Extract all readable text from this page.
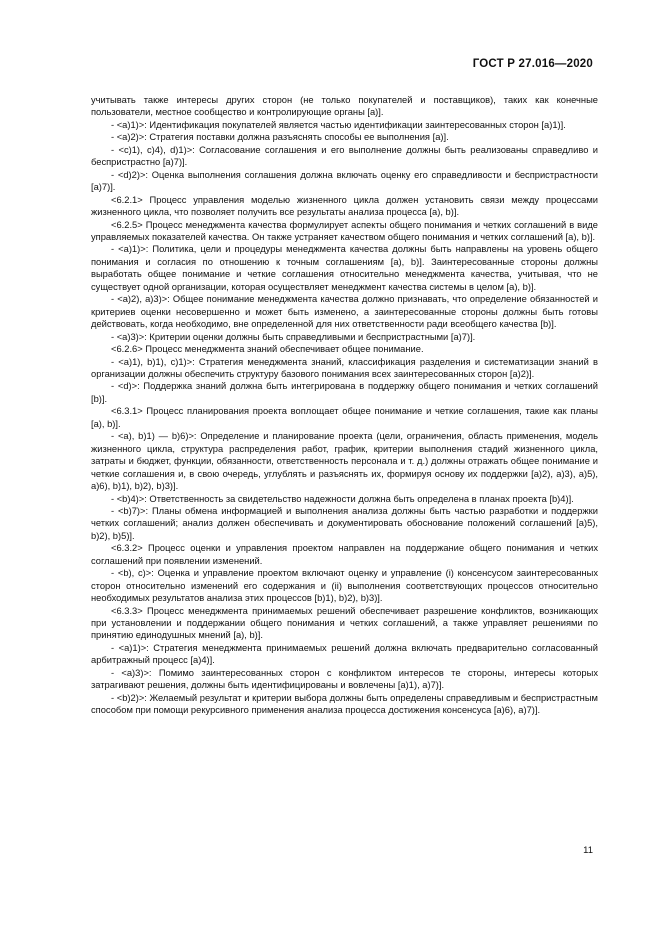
ГОСТ Р 27.016—2020

учитывать также интересы других сторон (не только покупателей и поставщиков), таких как конечные пользователи, местное сообщество и контролирующие органы [a)].

- <a)1)>: Идентификация покупателей является частью идентификации заинтересованных сторон [a)1)].

- <a)2)>: Стратегия поставки должна разъяснять способы ее выполнения [a)].

- <c)1), c)4), d)1)>: Согласование соглашения и его выполнение должны быть реализованы справедливо и беспристрастно [a)7)].

- <d)2)>: Оценка выполнения соглашения должна включать оценку его справедливости и беспристрастности [a)7)].

<6.2.1> Процесс управления моделью жизненного цикла должен установить связи между процессами жизненного цикла, что позволяет получить все результаты анализа процесса [a), b)].

<6.2.5> Процесс менеджмента качества формулирует аспекты общего понимания и четких соглашений в виде управляемых показателей качества. Он также устраняет качеством общего понимания и четких соглашений [a), b)].

- <a)1)>: Политика, цели и процедуры менеджмента качества должны быть направлены на уровень общего понимания и согласия по отношению к точным соглашениям [a), b)]. Заинтересованные стороны должны выработать общее понимание и четкие соглашения относительно менеджмента качества, учитывая, что не существует одной организации, которая осуществляет менеджмент качества системы в целом [a), b)].

- <a)2), a)3)>: Общее понимание менеджмента качества должно признавать, что определение обязанностей и критериев оценки несовершенно и может быть изменено, а заинтересованные стороны должны быть готовы действовать, когда необходимо, вне определенной для них ответственности ради всеобщего качества [b)].

- <a)3)>: Критерии оценки должны быть справедливыми и беспристрастными [a)7)].

<6.2.6> Процесс менеджмента знаний обеспечивает общее понимание.

- <a)1), b)1), c)1)>: Стратегия менеджмента знаний, классификация разделения и систематизации знаний в организации должны обеспечить структуру базового понимания всех заинтересованных сторон [a)2)].

- <d)>: Поддержка знаний должна быть интегрирована в поддержку общего понимания и четких соглашений [b)].

<6.3.1> Процесс планирования проекта воплощает общее понимание и четкие соглашения, такие как планы [a), b)].

- <a), b)1) — b)6)>: Определение и планирование проекта (цели, ограничения, область применения, модель жизненного цикла, структура распределения работ, график, критерии выполнения стадий жизненного цикла, затраты и бюджет, функции, обязанности, ответственность персонала и т. д.) должны отражать общее понимание и четкие соглашения и, в свою очередь, углублять и разъяснять их, формируя основу их поддержки [a)2), a)3), a)5), a)6), b)1), b)2), b)3)].

- <b)4)>: Ответственность за свидетельство надежности должна быть определена в планах проекта [b)4)].

- <b)7)>: Планы обмена информацией и выполнения анализа должны быть частью разработки и поддержки четких соглашений; анализ должен обеспечивать и документировать обоснование положений соглашений [a)5), b)2), b)5)].

<6.3.2> Процесс оценки и управления проектом направлен на поддержание общего понимания и четких соглашений при появлении изменений.

- <b), c)>: Оценка и управление проектом включают оценку и управление (i) консенсусом заинтересованных сторон относительно изменений его содержания и (ii) выполнения соответствующих процессов относительно необходимых результатов анализа этих процессов [b)1), b)2), b)3)].

<6.3.3> Процесс менеджмента принимаемых решений обеспечивает разрешение конфликтов, возникающих при установлении и поддержании общего понимания и четких соглашений, а также управляет решениями по принятию единодушных мнений [a), b)].

- <a)1)>: Стратегия менеджмента принимаемых решений должна включать предварительно согласованный арбитражный процесс [a)4)].

- <a)3)>: Помимо заинтересованных сторон с конфликтом интересов те стороны, интересы которых затрагивают решения, должны быть идентифицированы и вовлечены [a)1), a)7)].

- <b)2)>: Желаемый результат и критерии выбора должны быть определены справедливым и беспристрастным способом при помощи рекурсивного применения анализа процесса достижения консенсуса [a)6), a)7)].

11
